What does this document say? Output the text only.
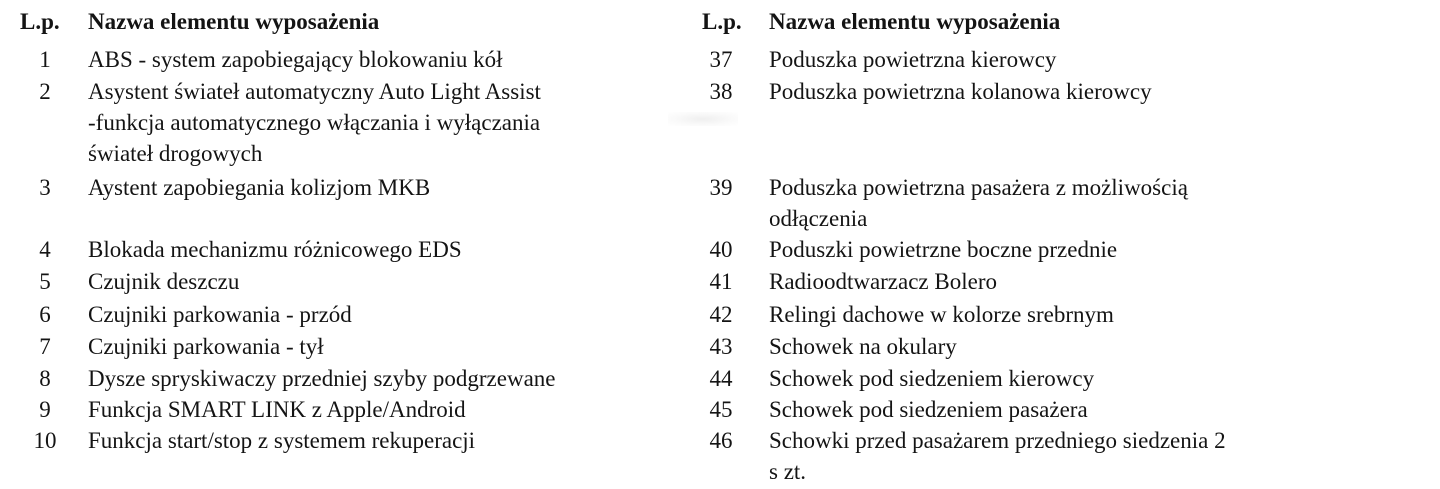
L.p.	Nazwa elementu wyposażenia
1	ABS - system zapobiegający blokowaniu kół
2	Asystent świateł automatyczny Auto Light Assist
-funkcja automatycznego włączania i wyłączania
świateł drogowych
3	Aystent zapobiegania kolizjom MKB
4	Blokada mechanizmu różnicowego EDS
5	Czujnik deszczu
6	Czujniki parkowania - przód
7	Czujniki parkowania - tył
8	Dysze spryskiwaczy przedniej szyby podgrzewane
9	Funkcja SMART LINK z Apple/Android
10	Funkcja start/stop z systemem rekuperacji
L.p.	Nazwa elementu wyposażenia
37	Poduszka powietrzna kierowcy
38	Poduszka powietrzna kolanowa kierowcy
39	Poduszka powietrzna pasażera z możliwością
odłączenia
40	Poduszki powietrzne boczne przednie
41	Radioodtwarzacz Bolero
42	Relingi dachowe w kolorze srebrnym
43	Schowek na okulary
44	Schowek pod siedzeniem kierowcy
45	Schowek pod siedzeniem pasażera
46	Schowki przed pasażarem przedniego siedzenia 2
s zt.
